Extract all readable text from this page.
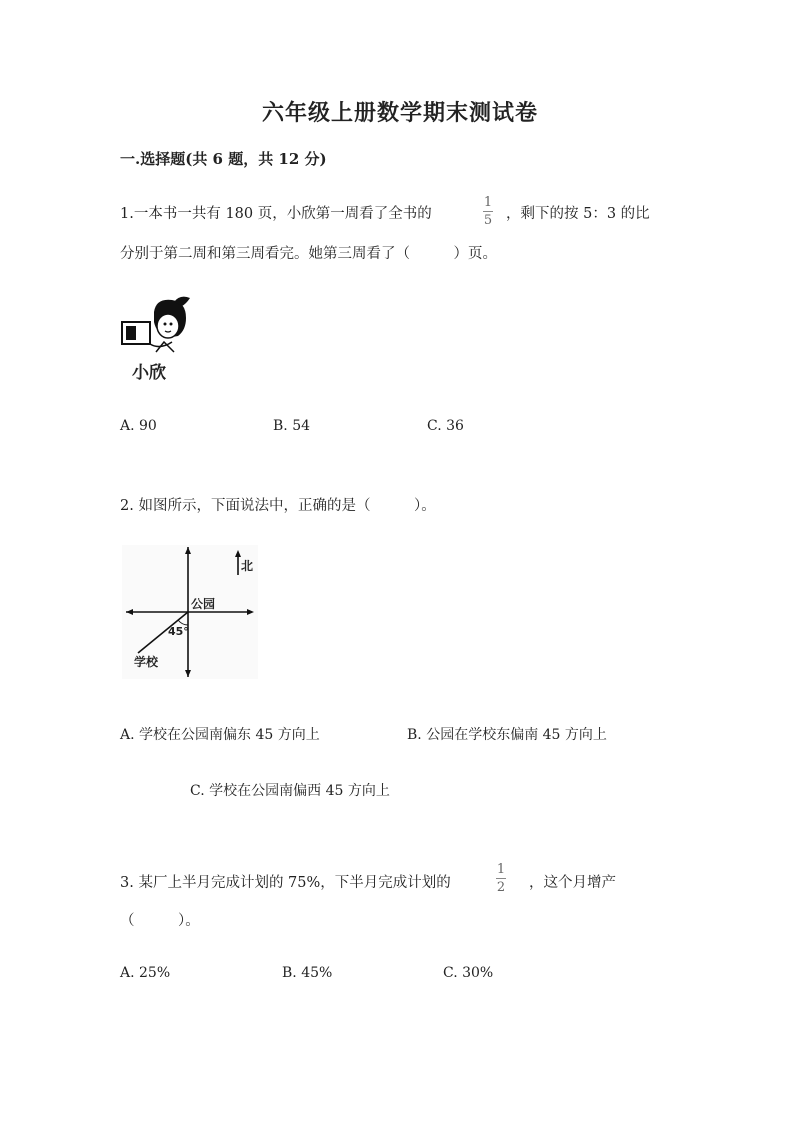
六年级上册数学期末测试卷
一.选择题(共 6 题，共 12 分)
1.一本书一共有 180 页，小欣第一周看了全书的
1
5 ，剩下的按 5：3 的比
分别于第二周和第三周看完。她第三周看了（　　　）页。
小欣
A. 90	B. 54	C. 36
2. 如图所示，下面说法中，正确的是（　　　）。
北
公园
45°
学校
A. 学校在公园南偏东 45 方向上	B. 公园在学校东偏南 45 方向上
C. 学校在公园南偏西 45 方向上
3. 某厂上半月完成计划的 75%，下半月完成计划的
1
2 ，这个月增产
（　　　）。
A. 25%	B. 45%	C. 30%
